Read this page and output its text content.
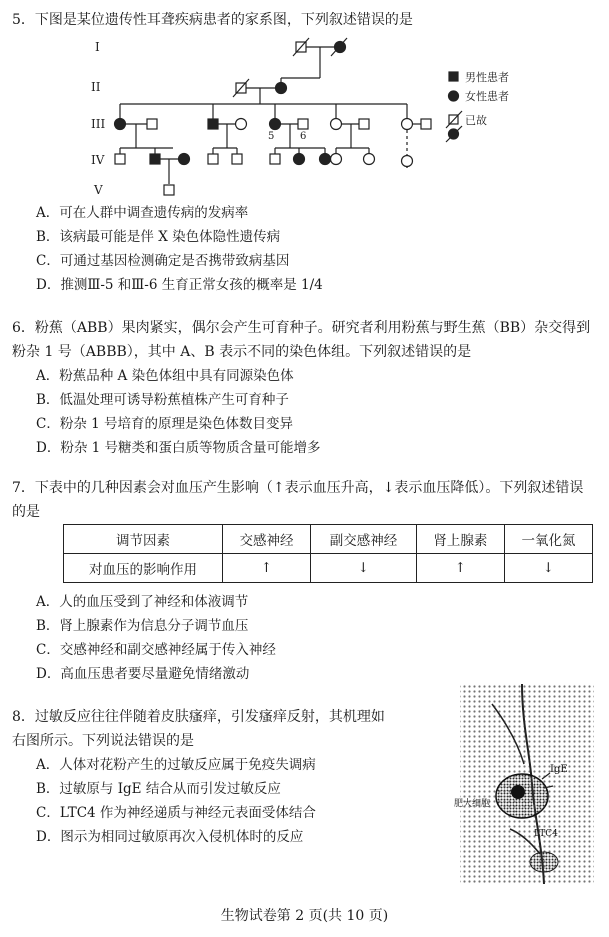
5．下图是某位遗传性耳聋疾病患者的家系图，下列叙述错误的是

I
II
III
IV
V
5	6
男性患者
女性患者
已故

A．可在人群中调查遗传病的发病率

B．该病最可能是伴 X 染色体隐性遗传病

C．可通过基因检测确定是否携带致病基因

D．推测Ⅲ-5 和Ⅲ-6 生育正常女孩的概率是 1/4

6．粉蕉（ABB）果肉紧实，偶尔会产生可育种子。研究者利用粉蕉与野生蕉（BB）杂交得到粉杂 1 号（ABBB），其中 A、B 表示不同的染色体组。下列叙述错误的是

A．粉蕉品种 A 染色体组中具有同源染色体

B．低温处理可诱导粉蕉植株产生可育种子

C．粉杂 1 号培育的原理是染色体数目变异

D．粉杂 1 号糖类和蛋白质等物质含量可能增多

7．下表中的几种因素会对血压产生影响（↑表示血压升高，↓表示血压降低）。下列叙述错误的是

调节因素	交感神经	副交感神经	肾上腺素	一氧化氮
对血压的影响作用	↑	↓	↑	↓

A．人的血压受到了神经和体液调节

B．肾上腺素作为信息分子调节血压

C．交感神经和副交感神经属于传入神经

D．高血压患者要尽量避免情绪激动

8．过敏反应往往伴随着皮肤瘙痒，引发瘙痒反射，其机理如

右图所示。下列说法错误的是

A．人体对花粉产生的过敏反应属于免疫失调病

B．过敏原与 IgE 结合从而引发过敏反应

C．LTC4 作为神经递质与神经元表面受体结合

D．图示为相同过敏原再次入侵机体时的反应

IgE
肥大细胞
LTC4
生物试卷第 2 页(共 10 页)
